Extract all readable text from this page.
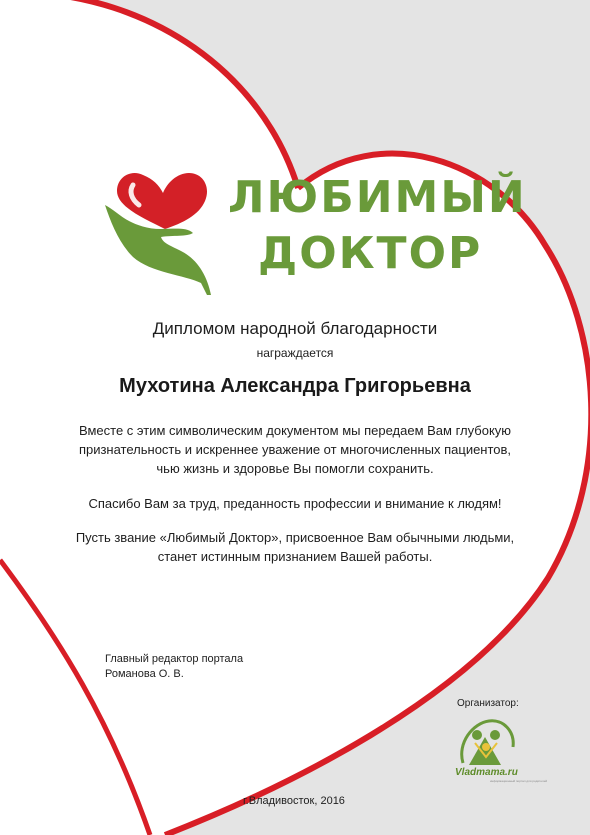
ЛЮБИМЫЙ
ДОКТОР
Дипломом народной благодарности
награждается
Мухотина Александра Григорьевна
Вместе с этим символическим документом мы передаем Вам глубокую
признательность и искреннее уважение от многочисленных пациентов,
чью жизнь и здоровье Вы помогли сохранить.
Спасибо Вам за труд, преданность профессии и внимание к людям!
Пусть звание «Любимый Доктор», присвоенное Вам обычными людьми,
станет истинным признанием Вашей работы.
Главный редактор портала
Романова О. В.
Организатор:
Vladmama.ru
информационный портал для родителей
г.Владивосток, 2016
